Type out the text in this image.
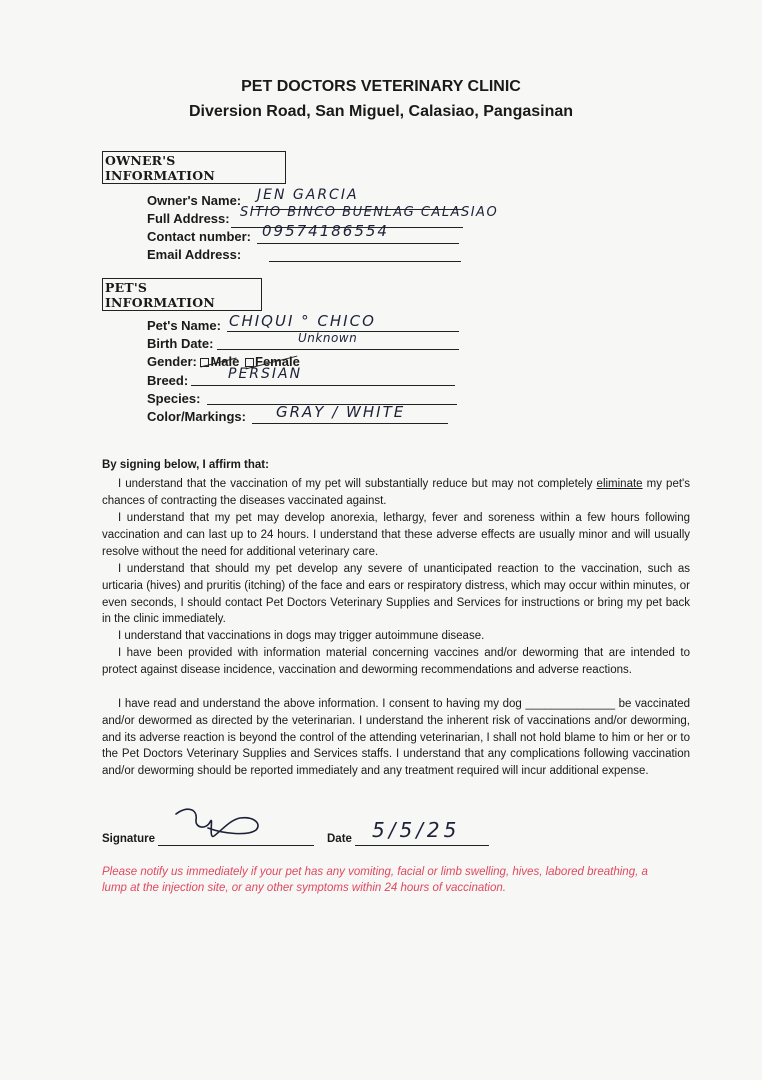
PET DOCTORS VETERINARY CLINIC
Diversion Road, San Miguel, Calasiao, Pangasinan
OWNER'S INFORMATION
Owner's Name: JEN GARCIA
Full Address: SITIO BINCO BUENLAG CALASIAO
Contact number: 09574186554
Email Address:
PET'S INFORMATION
Pet's Name: CHIQUI ° CHICO
Birth Date:	Unknown
Gender: Male Female
Breed:	PERSIAN
Species:
Color/Markings: GRAY / WHITE
By signing below, I affirm that:
I understand that the vaccination of my pet will substantially reduce but may not completely eliminate my pet's chances of contracting the diseases vaccinated against.
I understand that my pet may develop anorexia, lethargy, fever and soreness within a few hours following vaccination and can last up to 24 hours. I understand that these adverse effects are usually minor and will usually resolve without the need for additional veterinary care.
I understand that should my pet develop any severe of unanticipated reaction to the vaccination, such as urticaria (hives) and pruritis (itching) of the face and ears or respiratory distress, which may occur within minutes, or even seconds, I should contact Pet Doctors Veterinary Supplies and Services for instructions or bring my pet back in the clinic immediately.
I understand that vaccinations in dogs may trigger autoimmune disease.
I have been provided with information material concerning vaccines and/or deworming that are intended to protect against disease incidence, vaccination and deworming recommendations and adverse reactions.
I have read and understand the above information. I consent to having my dog ______________ be vaccinated and/or dewormed as directed by the veterinarian. I understand the inherent risk of vaccinations and/or deworming, and its adverse reaction is beyond the control of the attending veterinarian, I shall not hold blame to him or her or to the Pet Doctors Veterinary Supplies and Services staffs. I understand that any complications following vaccination and/or deworming should be reported immediately and any treatment required will incur additional expense.
Signature	Date 5/5/25
Please notify us immediately if your pet has any vomiting, facial or limb swelling, hives, labored breathing, a lump at the injection site, or any other symptoms within 24 hours of vaccination.
